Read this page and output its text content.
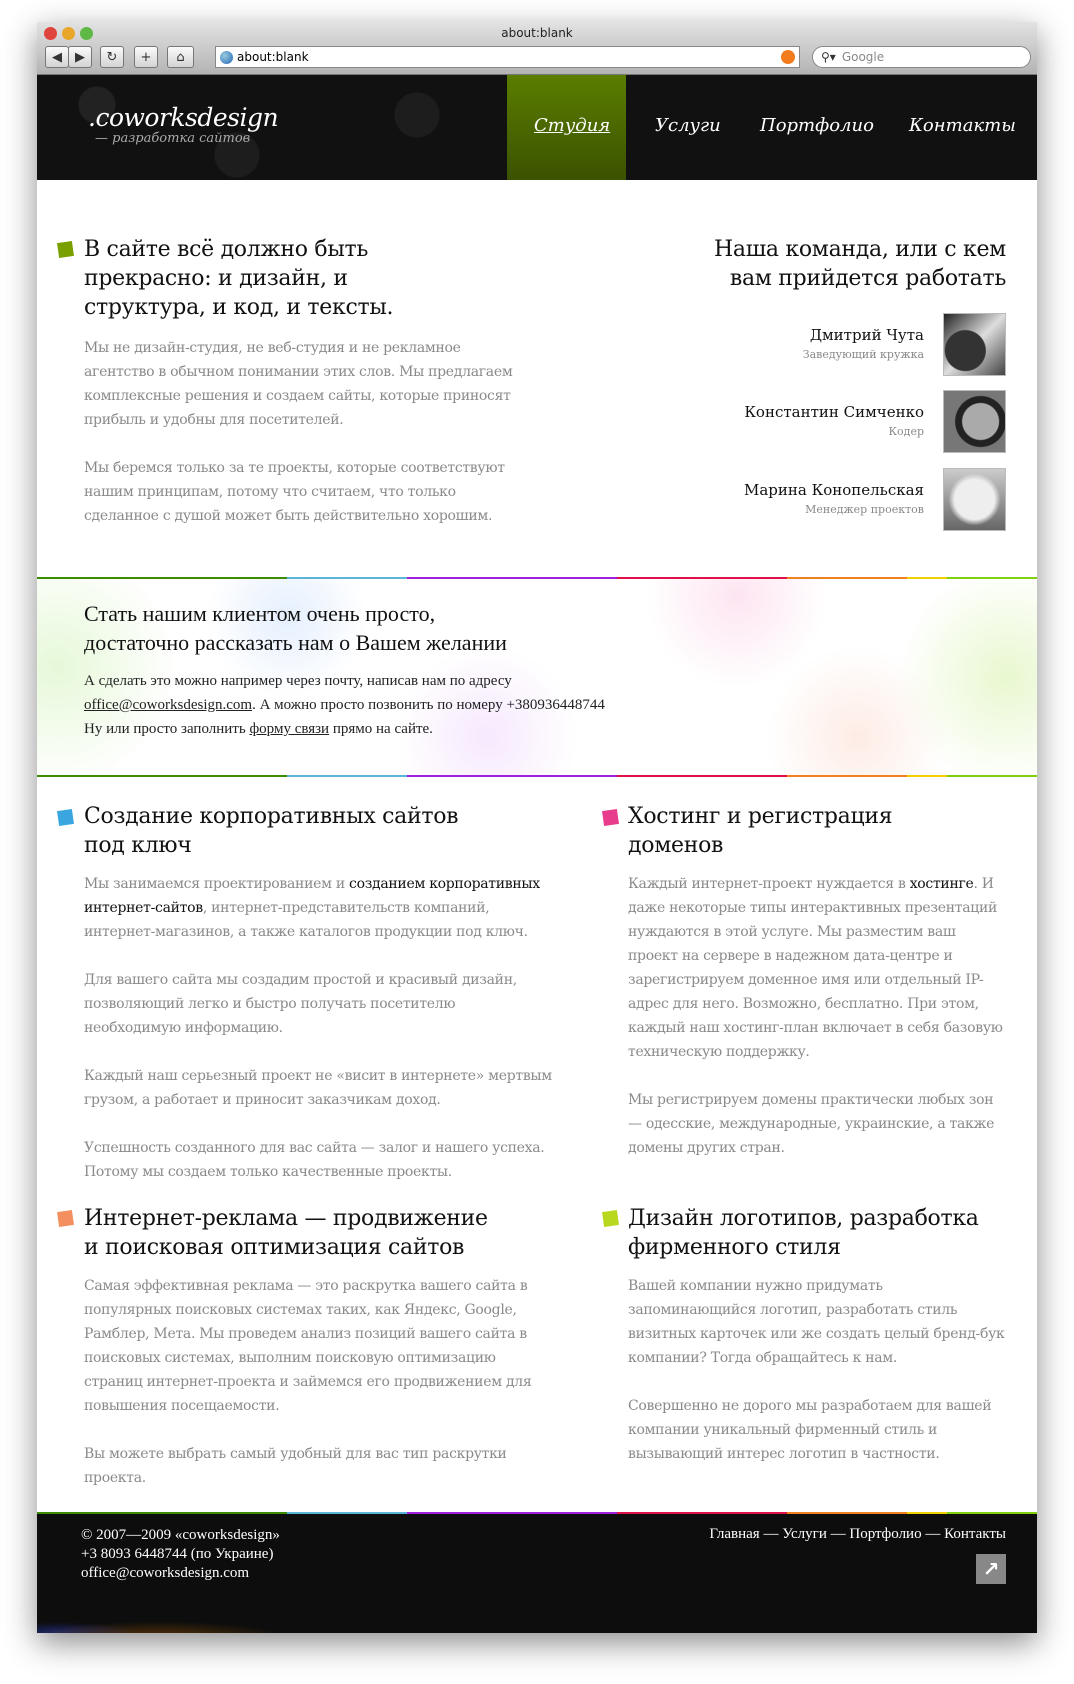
about:blank
◀	▶	↻	+	⌂	about:blank	⚲▾ Google
.coworksdesign
— разработка сайтов
Студия Услуги Портфолио Контакты
В сайте всё должно быть прекрасно: и дизайн, и структура, и код, и тексты.

Мы не дизайн-студия, не веб-студия и не рекламное агентство в обычном понимании этих слов. Мы предлагаем комплексные решения и создаем сайты, которые приносят прибыль и удобны для посетителей.

Мы беремся только за те проекты, которые соответствуют нашим принципам, потому что считаем, что только сделанное с душой может быть действительно хорошим.

Наша команда, или с кем вам прийдется работать
Дмитрий Чута
Заведующий кружка
Константин Симченко
Кодер
Марина Конопельская
Менеджер проектов
Стать нашим клиентом очень просто,
достаточно рассказать нам о Вашем желании
А сделать это можно например через почту, написав нам по адресу
office@coworksdesign.com. А можно просто позвонить по номеру +380936448744
Ну или просто заполнить форму связи прямо на сайте.
Создание корпоративных сайтов под ключ

Мы занимаемся проектированием и созданием корпоративных интернет-сайтов, интернет-представительств компаний, интернет-магазинов, а также каталогов продукции под ключ.

Для вашего сайта мы создадим простой и красивый дизайн, позволяющий легко и быстро получать посетителю необходимую информацию.

Каждый наш серьезный проект не «висит в интернете» мертвым грузом, а работает и приносит заказчикам доход.

Успешность созданного для вас сайта — залог и нашего успеха. Потому мы создаем только качественные проекты.

Хостинг и регистрация доменов

Каждый интернет-проект нуждается в хостинге. И даже некоторые типы интерактивных презентаций нуждаются в этой услуге. Мы разместим ваш проект на сервере в надежном дата-центре и зарегистрируем доменное имя или отдельный IP-адрес для него. Возможно, бесплатно. При этом, каждый наш хостинг-план включает в себя базовую техническую поддержку.

Мы регистрируем домены практически любых зон — одесские, международные, украинские, а также домены других стран.

Интернет-реклама — продвижение и поисковая оптимизация сайтов

Самая эффективная реклама — это раскрутка вашего сайта в популярных поисковых системах таких, как Яндекс, Google, Рамблер, Мета. Мы проведем анализ позиций вашего сайта в поисковых системах, выполним поисковую оптимизацию страниц интернет-проекта и займемся его продвижением для повышения посещаемости.

Вы можете выбрать самый удобный для вас тип раскрутки проекта.

Дизайн логотипов, разработка фирменного стиля

Вашей компании нужно придумать запоминающийся логотип, разработать стиль визитных карточек или же создать целый бренд-бук компании? Тогда обращайтесь к нам.

Совершенно не дорого мы разработаем для вашей компании уникальный фирменный стиль и вызывающий интерес логотип в частности.

© 2007—2009 «coworksdesign»
+3 8093 6448744 (по Украине)
office@coworksdesign.com
Главная — Услуги — Портфолио — Контакты
↗
